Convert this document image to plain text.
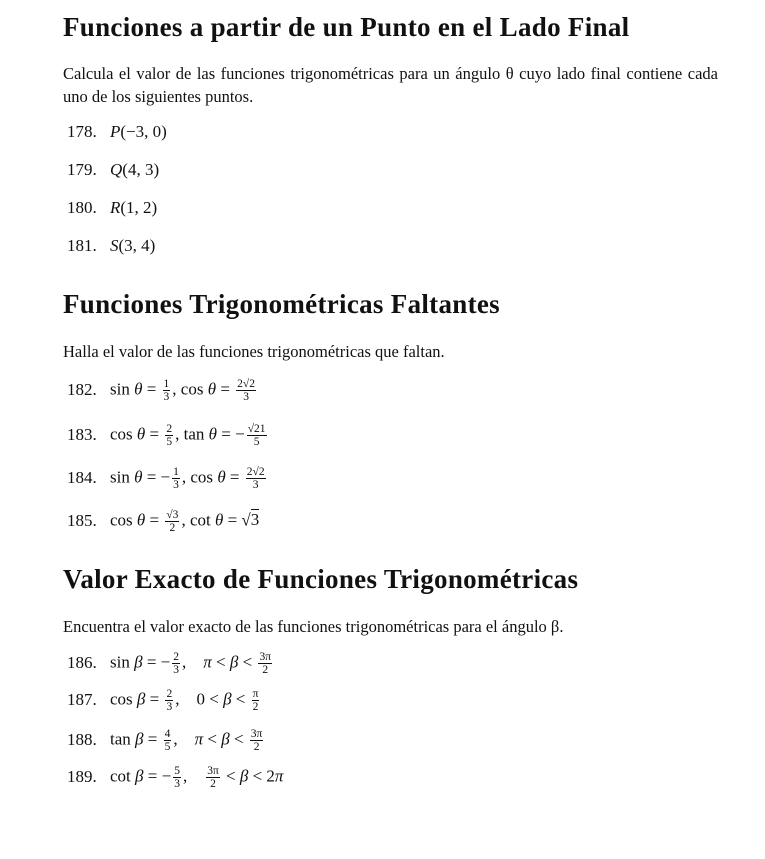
Funciones a partir de un Punto en el Lado Final

Calcula el valor de las funciones trigonométricas para un ángulo θ cuyo lado final contiene cada uno de los siguientes puntos.

178. P(−3, 0)
179. Q(4, 3)
180. R(1, 2)
181. S(3, 4)
Funciones Trigonométricas Faltantes

Halla el valor de las funciones trigonométricas que faltan.

182. $\sin \theta = \frac{1}{3}$ , $\cos \theta = \frac{2√2}{3}$
183. $\cos \theta = \frac{2}{5}$ , tan θ = − $\frac{√21}{5}$
184. sin θ = − $\frac{1}{3}$ , $\cos \theta = \frac{2√2}{3}$
185. $\cos \theta = \frac{√3}{2}$ , cot θ = √3
Valor Exacto de Funciones Trigonométricas

Encuentra el valor exacto de las funciones trigonométricas para el ángulo β.

186. sin β = − $\frac{2}{3}$ ,    $\pi < \beta < \frac{3\pi}{2}$
187. $\cos \beta = \frac{2}{3}$ ,    $0 < \beta < \frac{\pi}{2}$
188. $\tan \beta = \frac{4}{5}$ ,    $\pi < \beta < \frac{3\pi}{2}$
189. cot β = − $\frac{5}{3}$ , $\frac{3\pi}{2} < \beta < 2\pi$
